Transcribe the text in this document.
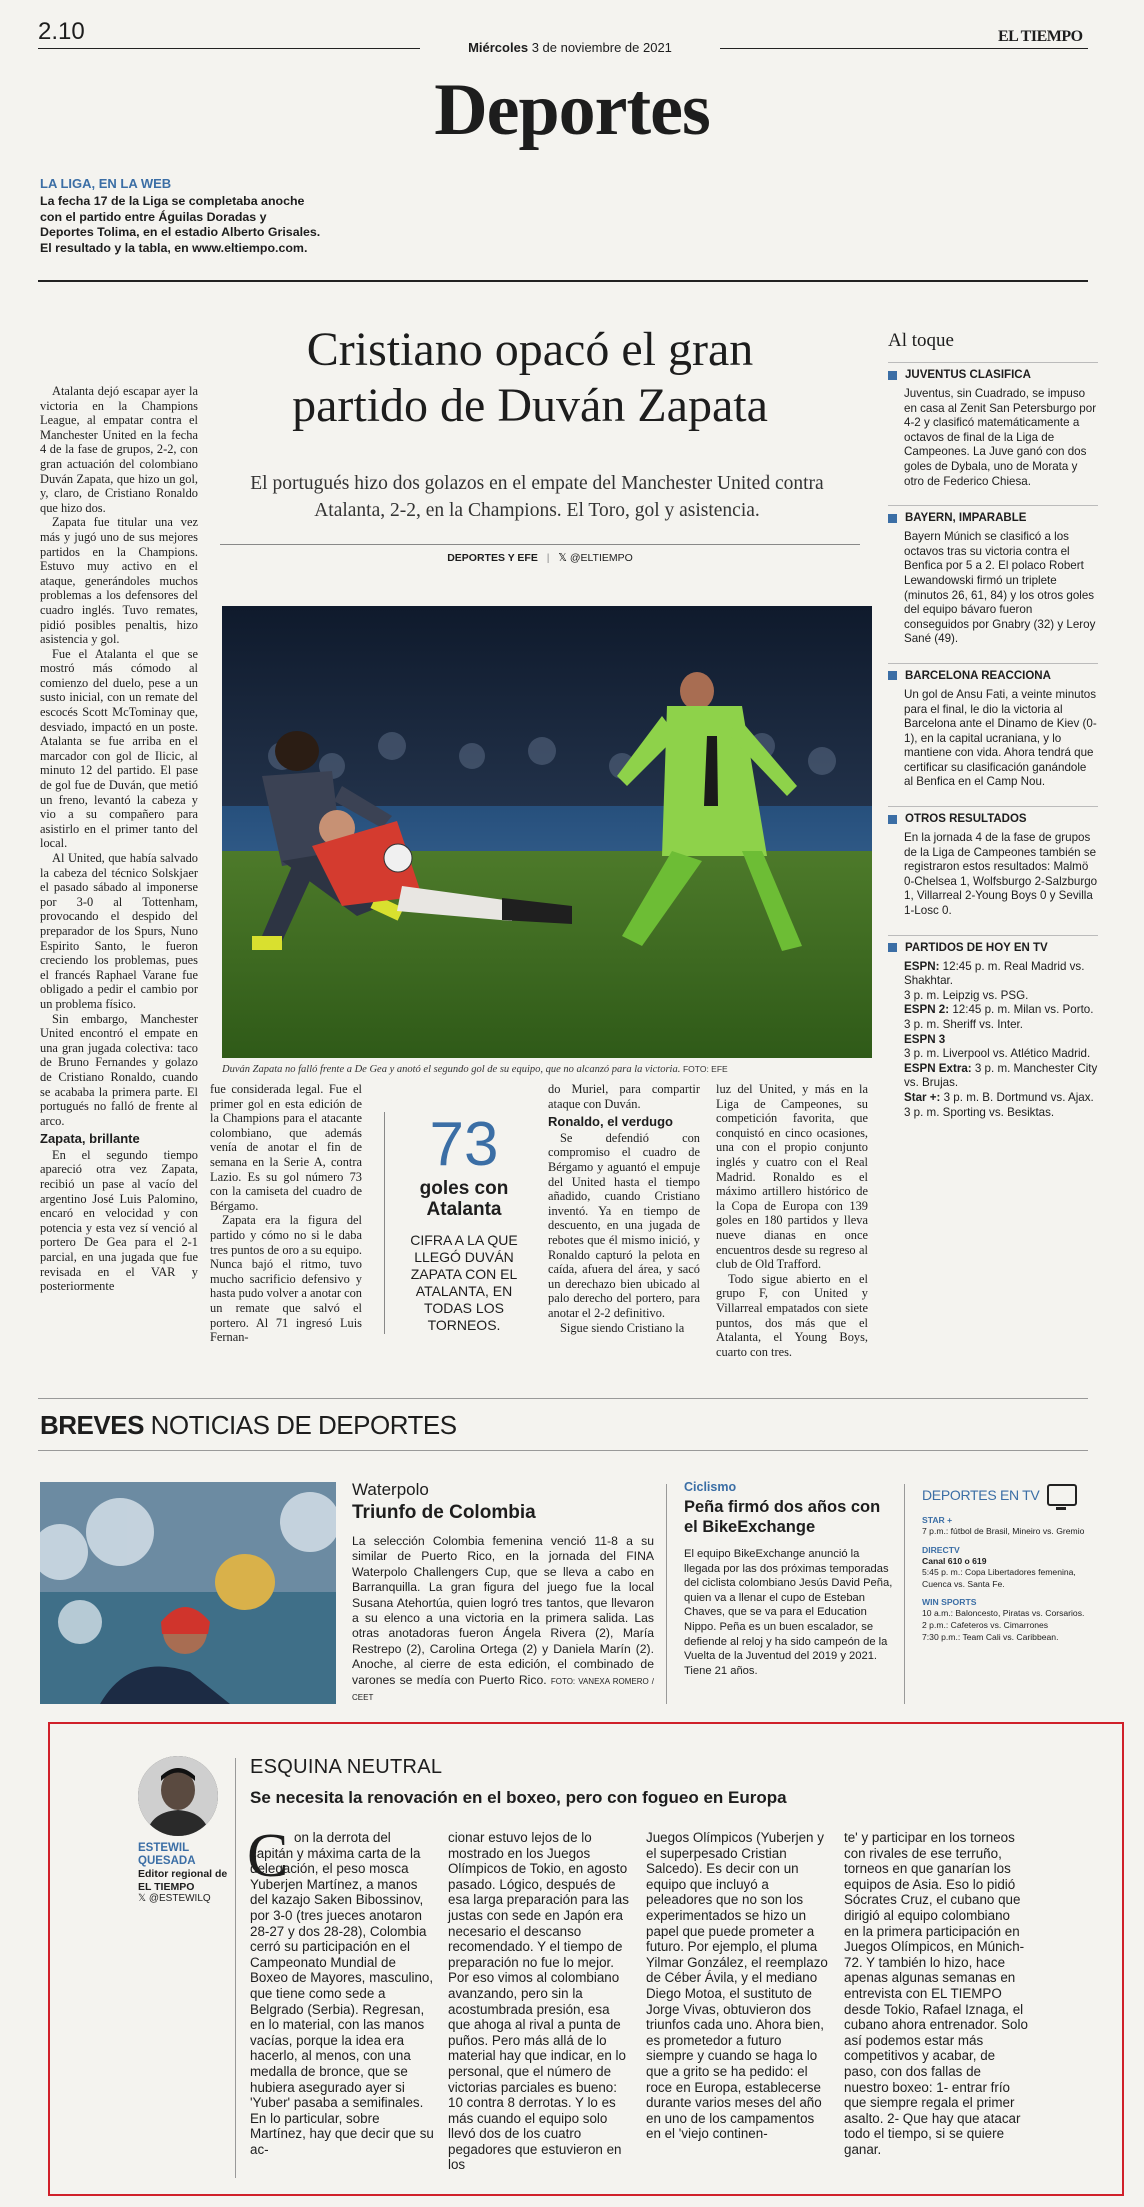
2.10
Miércoles 3 de noviembre de 2021
EL TIEMPO
Deportes
LA LIGA, EN LA WEB
La fecha 17 de la Liga se completaba anoche con el partido entre Águilas Doradas y Deportes Tolima, en el estadio Alberto Grisales. El resultado y la tabla, en www.eltiempo.com.
Cristiano opacó el gran
partido de Duván Zapata
El portugués hizo dos golazos en el empate del Manchester United contra Atalanta, 2-2, en la Champions. El Toro, gol y asistencia.
DEPORTES Y EFE | 𝕏 @ELTIEMPO
Duván Zapata no falló frente a De Gea y anotó el segundo gol de su equipo, que no alcanzó para la victoria. FOTO: EFE

Atalanta dejó escapar ayer la victoria en la Champions League, al empatar contra el Manchester United en la fecha 4 de la fase de grupos, 2-2, con gran actuación del colombiano Duván Zapata, que hizo un gol, y, claro, de Cristiano Ronaldo que hizo dos.

Zapata fue titular una vez más y jugó uno de sus mejores partidos en la Champions. Estuvo muy activo en el ataque, generándoles muchos problemas a los defensores del cuadro inglés. Tuvo remates, pidió posibles penaltis, hizo asistencia y gol.

Fue el Atalanta el que se mostró más cómodo al comienzo del duelo, pese a un susto inicial, con un remate del escocés Scott McTominay que, desviado, impactó en un poste. Atalanta se fue arriba en el marcador con gol de Ilicic, al minuto 12 del partido. El pase de gol fue de Duván, que metió un freno, levantó la cabeza y vio a su compañero para asistirlo en el primer tanto del local.

Al United, que había salvado la cabeza del técnico Solskjaer el pasado sábado al imponerse por 3-0 al Tottenham, provocando el despido del preparador de los Spurs, Nuno Espirito Santo, le fueron creciendo los problemas, pues el francés Raphael Varane fue obligado a pedir el cambio por un problema físico.

Sin embargo, Manchester United encontró el empate en una gran jugada colectiva: taco de Bruno Fernandes y golazo de Cristiano Ronaldo, cuando se acababa la primera parte. El portugués no falló de frente al arco.

Zapata, brillante

En el segundo tiempo apareció otra vez Zapata, recibió un pase al vacío del argentino José Luis Palomino, encaró en velocidad y con potencia y esta vez sí venció al portero De Gea para el 2-1 parcial, en una jugada que fue revisada en el VAR y posteriormente

fue considerada legal. Fue el primer gol en esta edición de la Champions para el atacante colombiano, que además venía de anotar el fin de semana en la Serie A, contra Lazio. Es su gol número 73 con la camiseta del cuadro de Bérgamo.

Zapata era la figura del partido y cómo no si le daba tres puntos de oro a su equipo. Nunca bajó el ritmo, tuvo mucho sacrificio defensivo y hasta pudo volver a anotar con un remate que salvó el portero. Al 71 ingresó Luis Fernan-

73
goles con
Atalanta
CIFRA A LA QUE LLEGÓ DUVÁN ZAPATA CON EL ATALANTA, EN TODAS LOS TORNEOS.

do Muriel, para compartir ataque con Duván.

Ronaldo, el verdugo

Se defendió con compromiso el cuadro de Bérgamo y aguantó el empuje del United hasta el tiempo añadido, cuando Cristiano inventó. Ya en tiempo de descuento, en una jugada de rebotes que él mismo inició, y Ronaldo capturó la pelota en caída, afuera del área, y sacó un derechazo bien ubicado al palo derecho del portero, para anotar el 2-2 definitivo.

Sigue siendo Cristiano la

luz del United, y más en la Liga de Campeones, su competición favorita, que conquistó en cinco ocasiones, una con el propio conjunto inglés y cuatro con el Real Madrid. Ronaldo es el máximo artillero histórico de la Copa de Europa con 139 goles en 180 partidos y lleva nueve dianas en once encuentros desde su regreso al club de Old Trafford.

Todo sigue abierto en el grupo F, con United y Villarreal empatados con siete puntos, dos más que el Atalanta, el Young Boys, cuarto con tres.

Al toque
JUVENTUS CLASIFICA
Juventus, sin Cuadrado, se impuso en casa al Zenit San Petersburgo por 4-2 y clasificó matemáticamente a octavos de final de la Liga de Campeones. La Juve ganó con dos goles de Dybala, uno de Morata y otro de Federico Chiesa.
BAYERN, IMPARABLE
Bayern Múnich se clasificó a los octavos tras su victoria contra el Benfica por 5 a 2. El polaco Robert Lewandowski firmó un triplete (minutos 26, 61, 84) y los otros goles del equipo bávaro fueron conseguidos por Gnabry (32) y Leroy Sané (49).
BARCELONA REACCIONA
Un gol de Ansu Fati, a veinte minutos para el final, le dio la victoria al Barcelona ante el Dinamo de Kiev (0-1), en la capital ucraniana, y lo mantiene con vida. Ahora tendrá que certificar su clasificación ganándole al Benfica en el Camp Nou.
OTROS RESULTADOS
En la jornada 4 de la fase de grupos de la Liga de Campeones también se registraron estos resultados: Malmö 0-Chelsea 1, Wolfsburgo 2-Salzburgo 1, Villarreal 2-Young Boys 0 y Sevilla 1-Losc 0.
PARTIDOS DE HOY EN TV
ESPN: 12:45 p. m. Real Madrid vs. Shakhtar.
3 p. m. Leipzig vs. PSG.
ESPN 2: 12:45 p. m. Milan vs. Porto.
3 p. m. Sheriff vs. Inter.
ESPN 3
3 p. m. Liverpool vs. Atlético Madrid.
ESPN Extra: 3 p. m. Manchester City vs. Brujas.
Star +: 3 p. m. B. Dortmund vs. Ajax. 3 p. m. Sporting vs. Besiktas.
BREVES NOTICIAS DE DEPORTES
Waterpolo
Triunfo de Colombia
La selección Colombia femenina venció 11-8 a su similar de Puerto Rico, en la jornada del FINA Waterpolo Challengers Cup, que se lleva a cabo en Barranquilla. La gran figura del juego fue la local Susana Atehortúa, quien logró tres tantos, que llevaron a su elenco a una victoria en la primera salida. Las otras anotadoras fueron Ángela Rivera (2), María Restrepo (2), Carolina Ortega (2) y Daniela Marín (2). Anoche, al cierre de esta edición, el combinado de varones se medía con Puerto Rico. FOTO: VANEXA ROMERO / CEET
Ciclismo
Peña firmó dos años con el BikeExchange
El equipo BikeExchange anunció la llegada por las dos próximas temporadas del ciclista colombiano Jesús David Peña, quien va a llenar el cupo de Esteban Chaves, que se va para el Education Nippo. Peña es un buen escalador, se defiende al reloj y ha sido campeón de la Vuelta de la Juventud del 2019 y 2021. Tiene 21 años.
DEPORTES EN TV
STAR +
7 p.m.: fútbol de Brasil, Mineiro vs. Gremio
DIRECTV
Canal 610 o 619
5:45 p. m.: Copa Libertadores femenina, Cuenca vs. Santa Fe.
WIN SPORTS
10 a.m.: Baloncesto, Piratas vs. Corsarios.
2 p.m.: Cafeteros vs. Cimarrones
7:30 p.m.: Team Cali vs. Caribbean.
ESTEWIL QUESADA
Editor regional de EL TIEMPO
𝕏 @ESTEWILQ
ESQUINA NEUTRAL
Se necesita la renovación en el boxeo, pero con fogueo en Europa
C on la derrota del capitán y máxima carta de la delegación, el peso mosca Yuberjen Martínez, a manos del kazajo Saken Bibossinov, por 3-0 (tres jueces anotaron 28-27 y dos 28-28), Colombia cerró su participación en el Campeonato Mundial de Boxeo de Mayores, masculino, que tiene como sede a Belgrado (Serbia). Regresan, en lo material, con las manos vacías, porque la idea era hacerlo, al menos, con una medalla de bronce, que se hubiera asegurado ayer si 'Yuber' pasaba a semifinales. En lo particular, sobre Martínez, hay que decir que su ac-
cionar estuvo lejos de lo mostrado en los Juegos Olímpicos de Tokio, en agosto pasado. Lógico, después de esa larga preparación para las justas con sede en Japón era necesario el descanso recomendado. Y el tiempo de preparación no fue lo mejor. Por eso vimos al colombiano avanzando, pero sin la acostumbrada presión, esa que ahoga al rival a punta de puños. Pero más allá de lo material hay que indicar, en lo personal, que el número de victorias parciales es bueno: 10 contra 8 derrotas. Y lo es más cuando el equipo solo llevó dos de los cuatro pegadores que estuvieron en los
Juegos Olímpicos (Yuberjen y el superpesado Cristian Salcedo). Es decir con un equipo que incluyó a peleadores que no son los experimentados se hizo un papel que puede prometer a futuro. Por ejemplo, el pluma Yilmar González, el reemplazo de Céber Ávila, y el mediano Diego Motoa, el sustituto de Jorge Vivas, obtuvieron dos triunfos cada uno. Ahora bien, es prometedor a futuro siempre y cuando se haga lo que a grito se ha pedido: el roce en Europa, establecerse durante varios meses del año en uno de los campamentos en el 'viejo continen-
te' y participar en los torneos con rivales de ese terruño, torneos en que ganarían los equipos de Asia. Eso lo pidió Sócrates Cruz, el cubano que dirigió al equipo colombiano en la primera participación en Juegos Olímpicos, en Múnich-72. Y también lo hizo, hace apenas algunas semanas en entrevista con EL TIEMPO desde Tokio, Rafael Iznaga, el cubano ahora entrenador. Solo así podemos estar más competitivos y acabar, de paso, con dos fallas de nuestro boxeo: 1- entrar frío que siempre regala el primer asalto. 2- Que hay que atacar todo el tiempo, si se quiere ganar.
